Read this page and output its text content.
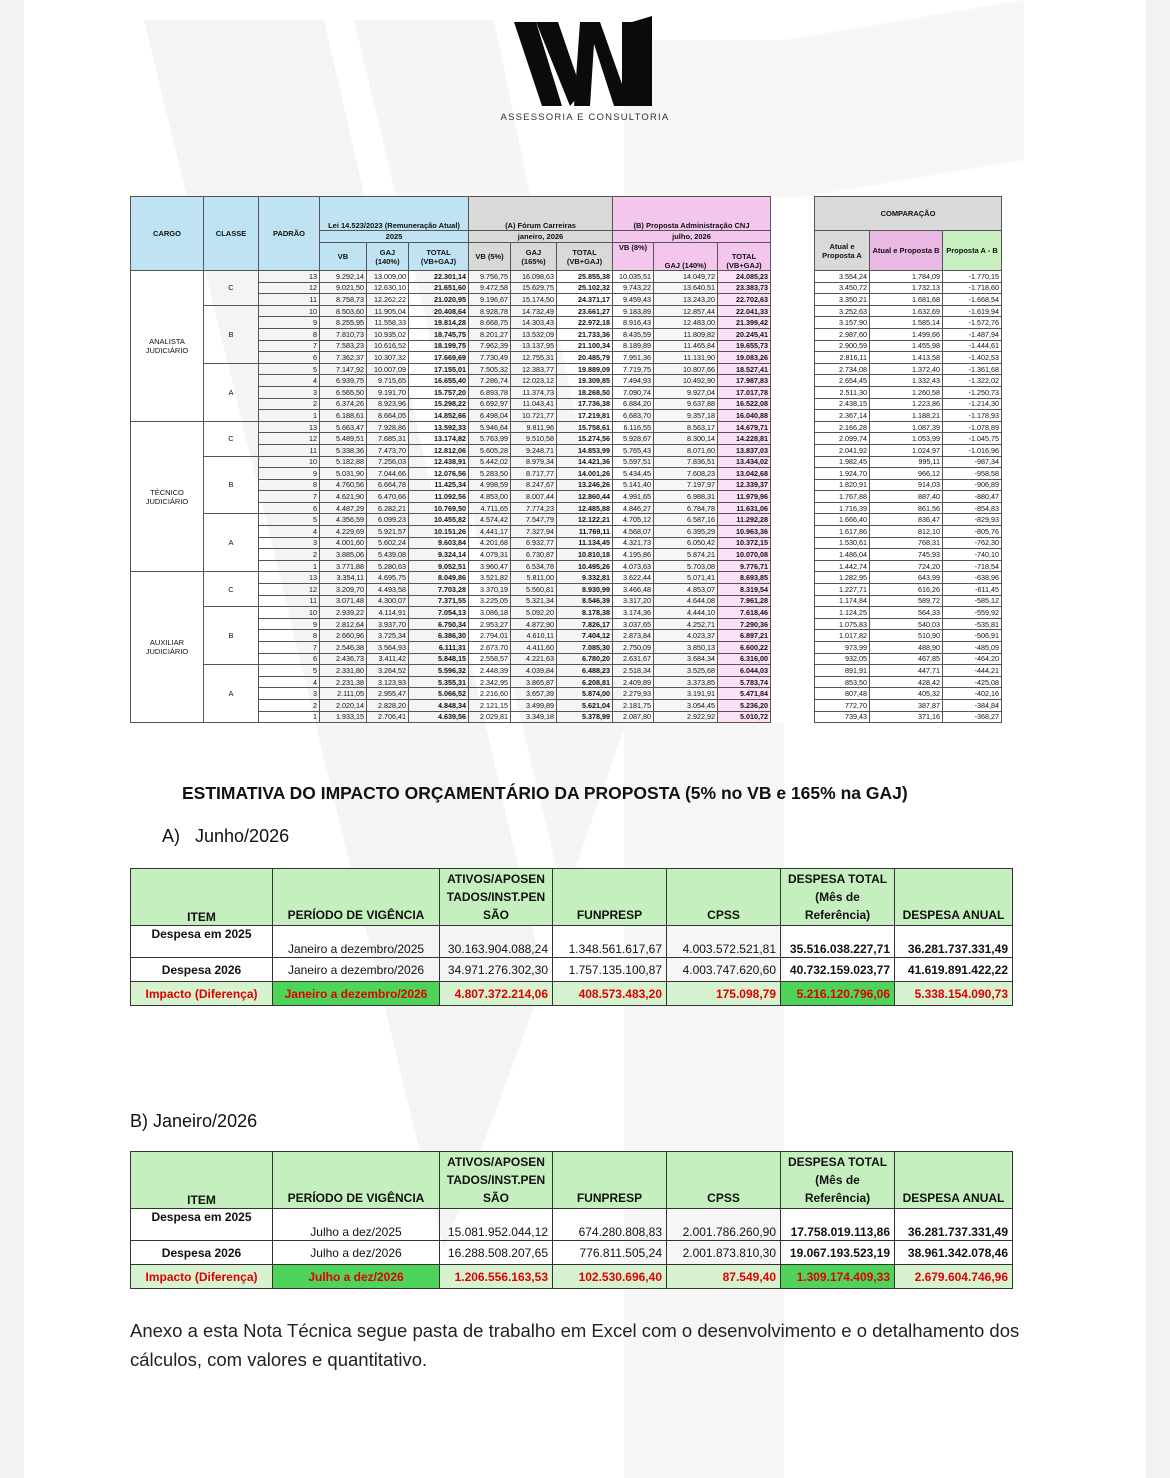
ASSESSORIA E CONSULTORIA
CARGO	CLASSE	PADRÃO	Lei 14.523/2023 (Remuneração Atual)			(A) Fórum Carreiras			(B) Proposta Administração CNJ				COMPARAÇÃO		

			2025			janeiro, 2026			julho, 2026				Atual e Proposta A	Atual e Proposta B	Proposta A - B
			VB	GAJ (140%)	TOTAL (VB+GAJ)	VB (5%)	GAJ (165%)	TOTAL (VB+GAJ)	VB (8%)	GAJ (140%)	TOTAL (VB+GAJ)				

ANALISTA JUDICIÁRIO	C	13	9.292,14	13.009,00	22.301,14	9.756,75	16.098,63	25.855,38	10.035,51	14.049,72	24.085,23		3.554,24	1.784,09	-1.770,15
		12	9.021,50	12.630,10	21.651,60	9.472,58	15.629,75	25.102,32	9.743,22	13.640,51	23.383,73		3.450,72	1.732,13	-1.718,60
		11	8.758,73	12.262,22	21.020,95	9.196,67	15.174,50	24.371,17	9.459,43	13.243,20	22.702,63		3.350,21	1.681,68	-1.668,54
	B	10	8.503,60	11.905,04	20.408,64	8.928,78	14.732,49	23.661,27	9.183,89	12.857,44	22.041,33		3.252,63	1.632,69	-1.619,94
		9	8.255,95	11.558,33	19.814,28	8.668,75	14.303,43	22.972,18	8.916,43	12.483,00	21.399,42		3.157,90	1.585,14	-1.572,76
		8	7.810,73	10.935,02	18.745,75	8.201,27	13.532,09	21.733,36	8.435,59	11.809,82	20.245,41		2.987,60	1.499,66	-1.487,94
		7	7.583,23	10.616,52	18.199,75	7.962,39	13.137,95	21.100,34	8.189,89	11.465,84	19.655,73		2.900,59	1.455,98	-1.444,61
		6	7.362,37	10.307,32	17.669,69	7.730,49	12.755,31	20.485,79	7.951,36	11.131,90	19.083,26		2.816,11	1.413,58	-1.402,53
	A	5	7.147,92	10.007,09	17.155,01	7.505,32	12.383,77	19.889,09	7.719,75	10.807,66	18.527,41		2.734,08	1.372,40	-1.361,68
		4	6.939,75	9.715,65	16.655,40	7.286,74	12.023,12	19.309,85	7.494,93	10.492,90	17.987,83		2.654,45	1.332,43	-1.322,02
		3	6.565,50	9.191,70	15.757,20	6.893,78	11.374,73	18.268,50	7.090,74	9.927,04	17.017,78		2.511,30	1.260,58	-1.250,73
		2	6.374,26	8.923,96	15.298,22	6.692,97	11.043,41	17.736,38	6.884,20	9.637,88	16.522,08		2.438,15	1.223,86	-1.214,30
		1	6.188,61	8.664,05	14.852,66	6.498,04	10.721,77	17.219,81	6.683,70	9.357,18	16.040,88		2.367,14	1.188,21	-1.178,93
TÉCNICO JUDICIÁRIO	C	13	5.663,47	7.928,86	13.592,33	5.946,64	9.811,96	15.758,61	6.116,55	8.563,17	14.679,71		2.166,28	1.087,39	-1.078,89
		12	5.489,51	7.685,31	13.174,82	5.763,99	9.510,58	15.274,56	5.928,67	8.300,14	14.228,81		2.099,74	1.053,99	-1.045,75
		11	5.338,36	7.473,70	12.812,06	5.605,28	9.248,71	14.853,99	5.765,43	8.071,60	13.837,03		2.041,92	1.024,97	-1.016,96
	B	10	5.182,88	7.256,03	12.438,91	5.442,02	8.979,34	14.421,36	5.597,51	7.836,51	13.434,02		1.982,45	995,11	-987,34
		9	5.031,90	7.044,66	12.076,56	5.283,50	8.717,77	14.001,26	5.434,45	7.608,23	13.042,68		1.924,70	966,12	-958,58
		8	4.760,56	6.664,78	11.425,34	4.998,59	8.247,67	13.246,26	5.141,40	7.197,97	12.339,37		1.820,91	914,03	-906,89
		7	4.621,90	6.470,66	11.092,56	4.853,00	8.007,44	12.860,44	4.991,65	6.988,31	11.979,96		1.767,88	887,40	-880,47
		6	4.487,29	6.282,21	10.769,50	4.711,65	7.774,23	12.485,88	4.846,27	6.784,78	11.631,06		1.716,39	861,56	-854,83
	A	5	4.356,59	6.099,23	10.455,82	4.574,42	7.547,79	12.122,21	4.705,12	6.587,16	11.292,28		1.666,40	836,47	-829,93
		4	4.229,69	5.921,57	10.151,26	4.441,17	7.327,94	11.769,11	4.568,07	6.395,29	10.963,36		1.617,86	812,10	-805,76
		3	4.001,60	5.602,24	9.603,84	4.201,68	6.932,77	11.134,45	4.321,73	6.050,42	10.372,15		1.530,61	768,31	-762,30
		2	3.885,06	5.439,08	9.324,14	4.079,31	6.730,87	10.810,18	4.195,86	5.874,21	10.070,08		1.486,04	745,93	-740,10
		1	3.771,88	5.280,63	9.052,51	3.960,47	6.534,78	10.495,26	4.073,63	5.703,08	9.776,71		1.442,74	724,20	-718,54
AUXILIAR JUDICIÁRIO	C	13	3.354,11	4.695,75	8.049,86	3.521,82	5.811,00	9.332,81	3.622,44	5.071,41	8.693,85		1.282,95	643,99	-638,96
		12	3.209,70	4.493,58	7.703,28	3.370,19	5.560,81	8.930,99	3.466,48	4.853,07	8.319,54		1.227,71	616,26	-611,45
		11	3.071,48	4.300,07	7.371,55	3.225,05	5.321,34	8.546,39	3.317,20	4.644,08	7.961,28		1.174,84	589,72	-585,12
	B	10	2.939,22	4.114,91	7.054,13	3.086,18	5.092,20	8.178,38	3.174,36	4.444,10	7.618,46		1.124,25	564,33	-559,92
		9	2.812,64	3.937,70	6.750,34	2.953,27	4.872,90	7.826,17	3.037,65	4.252,71	7.290,36		1.075,83	540,03	-535,81
		8	2.660,96	3.725,34	6.386,30	2.794,01	4.610,11	7.404,12	2.873,84	4.023,37	6.897,21		1.017,82	510,90	-506,91
		7	2.546,38	3.564,93	6.111,31	2.673,70	4.411,60	7.085,30	2.750,09	3.850,13	6.600,22		973,99	488,90	-485,09
		6	2.436,73	3.411,42	5.848,15	2.558,57	4.221,63	6.780,20	2.631,67	3.684,34	6.316,00		932,05	467,85	-464,20
	A	5	2.331,80	3.264,52	5.596,32	2.448,39	4.039,84	6.488,23	2.518,34	3.525,68	6.044,03		891,91	447,71	-444,21
		4	2.231,38	3.123,93	5.355,31	2.342,95	3.865,87	6.208,81	2.409,89	3.373,85	5.783,74		853,50	428,42	-425,08
		3	2.111,05	2.955,47	5.066,52	2.216,60	3.657,39	5.874,00	2.279,93	3.191,91	5.471,84		807,48	405,32	-402,16
		2	2.020,14	2.828,20	4.848,34	2.121,15	3.499,89	5.621,04	2.181,75	3.054,45	5.236,20		772,70	387,87	-384,84
		1	1.933,15	2.706,41	4.639,56	2.029,81	3.349,18	5.378,99	2.087,80	2.922,92	5.010,72		739,43	371,16	-368,27
ESTIMATIVA DO IMPACTO ORÇAMENTÁRIO DA PROPOSTA (5% no VB e 165% na GAJ)
A) Junho/2026
ITEM	PERÍODO DE VIGÊNCIA	ATIVOS/APOSENTADOS/INST.PENSÃO	FUNPRESP	CPSS	DESPESA TOTAL (Mês de Referência)	DESPESA ANUAL
Despesa em 2025	Janeiro a dezembro/2025	30.163.904.088,24	1.348.561.617,67	4.003.572.521,81	35.516.038.227,71	36.281.737.331,49
Despesa 2026	Janeiro a dezembro/2026	34.971.276.302,30	1.757.135.100,87	4.003.747.620,60	40.732.159.023,77	41.619.891.422,22
Impacto (Diferença)	Janeiro a dezembro/2026	4.807.372.214,06	408.573.483,20	175.098,79	5.216.120.796,06	5.338.154.090,73
B) Janeiro/2026
ITEM	PERÍODO DE VIGÊNCIA	ATIVOS/APOSENTADOS/INST.PENSÃO	FUNPRESP	CPSS	DESPESA TOTAL (Mês de Referência)	DESPESA ANUAL
Despesa em 2025	Julho a dez/2025	15.081.952.044,12	674.280.808,83	2.001.786.260,90	17.758.019.113,86	36.281.737.331,49
Despesa 2026	Julho a dez/2026	16.288.508.207,65	776.811.505,24	2.001.873.810,30	19.067.193.523,19	38.961.342.078,46
Impacto (Diferença)	Julho a dez/2026	1.206.556.163,53	102.530.696,40	87.549,40	1.309.174.409,33	2.679.604.746,96
Anexo a esta Nota Técnica segue pasta de trabalho em Excel com o desenvolvimento e o detalhamento dos cálculos, com valores e quantitativo.
